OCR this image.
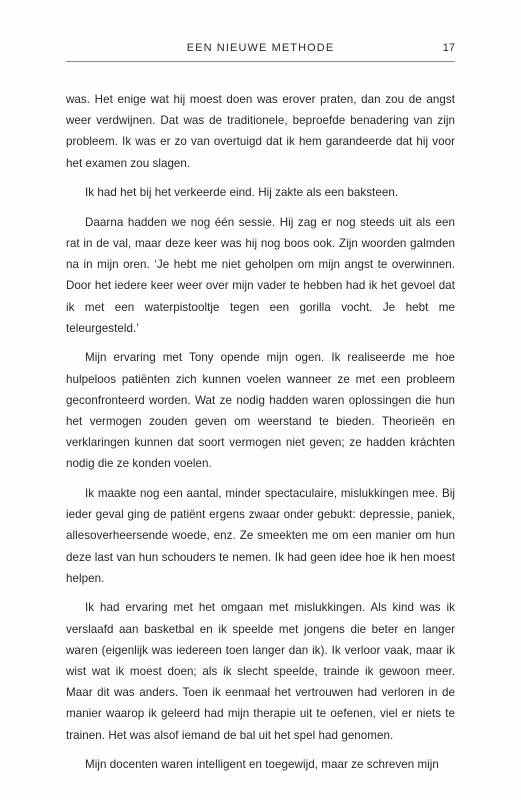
EEN NIEUWE METHODE	17

was. Het enige wat hij moest doen was erover praten, dan zou de angst weer verdwijnen. Dat was de traditionele, beproefde benadering van zijn probleem. Ik was er zo van overtuigd dat ik hem garandeerde dat hij voor het examen zou slagen.

Ik had het bij het verkeerde eind. Hij zakte als een baksteen.

Daarna hadden we nog één sessie. Hij zag er nog steeds uit als een rat in de val, maar deze keer was hij nog boos ook. Zijn woorden galmden na in mijn oren. ‘Je hebt me niet geholpen om mijn angst te overwinnen. Door het iedere keer weer over mijn vader te hebben had ik het gevoel dat ik met een waterpistooltje tegen een gorilla vocht. Je hebt me teleurgesteld.’

Mijn ervaring met Tony opende mijn ogen. Ik realiseerde me hoe hulpeloos patiënten zich kunnen voelen wanneer ze met een probleem geconfronteerd worden. Wat ze nodig hadden waren oplossingen die hun het vermogen zouden geven om weerstand te bieden. Theorieën en verklaringen kunnen dat soort vermogen niet geven; ze hadden kráchten nodig die ze konden voelen.

Ik maakte nog een aantal, minder spectaculaire, mislukkingen mee. Bij ieder geval ging de patiënt ergens zwaar onder gebukt: depressie, paniek, allesoverheersende woede, enz. Ze smeekten me om een manier om hun deze last van hun schouders te nemen. Ik had geen idee hoe ik hen moest helpen.

Ik had ervaring met het omgaan met mislukkingen. Als kind was ik verslaafd aan basketbal en ik speelde met jongens die beter en langer waren (eigenlijk was iedereen toen langer dan ik). Ik verloor vaak, maar ik wist wat ik moest doen; als ik slecht speelde, trainde ik gewoon meer. Maar dit was anders. Toen ik eenmaal het vertrouwen had verloren in de manier waarop ik geleerd had mijn therapie uit te oefenen, viel er niets te trainen. Het was alsof iemand de bal uit het spel had genomen.

Mijn docenten waren intelligent en toegewijd, maar ze schreven mijn
